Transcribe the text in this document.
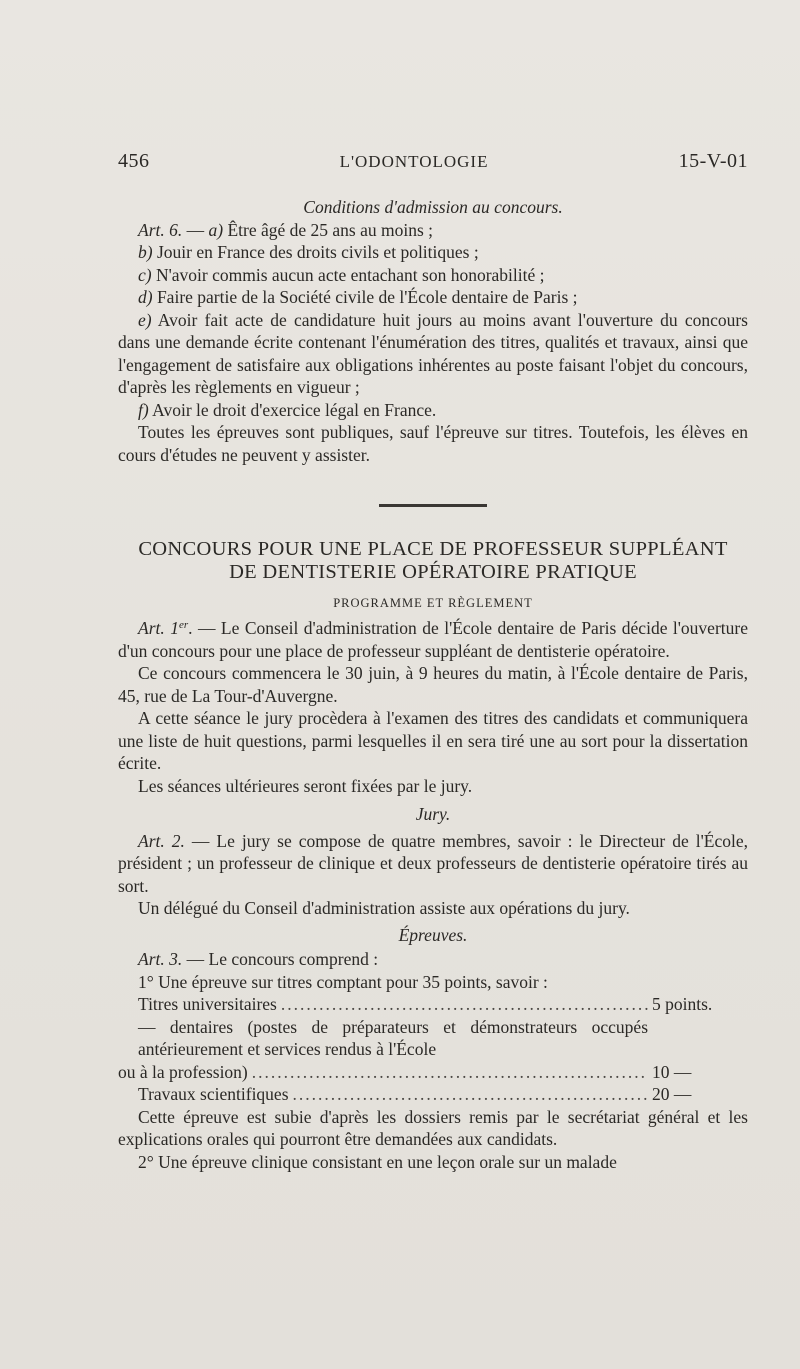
456	L'ODONTOLOGIE	15-V-01
Conditions d'admission au concours.

Art. 6. — a) Être âgé de 25 ans au moins ;

b) Jouir en France des droits civils et politiques ;

c) N'avoir commis aucun acte entachant son honorabilité ;

d) Faire partie de la Société civile de l'École dentaire de Paris ;

e) Avoir fait acte de candidature huit jours au moins avant l'ouverture du concours dans une demande écrite contenant l'énumération des titres, qualités et travaux, ainsi que l'engagement de satisfaire aux obligations inhérentes au poste faisant l'objet du concours, d'après les règlements en vigueur ;

f) Avoir le droit d'exercice légal en France.

Toutes les épreuves sont publiques, sauf l'épreuve sur titres. Toutefois, les élèves en cours d'études ne peuvent y assister.

CONCOURS POUR UNE PLACE DE PROFESSEUR SUPPLÉANT
DE DENTISTERIE OPÉRATOIRE PRATIQUE
PROGRAMME ET RÈGLEMENT

Art. 1er. — Le Conseil d'administration de l'École dentaire de Paris décide l'ouverture d'un concours pour une place de professeur suppléant de dentisterie opératoire.

Ce concours commencera le 30 juin, à 9 heures du matin, à l'École dentaire de Paris, 45, rue de La Tour-d'Auvergne.

A cette séance le jury procèdera à l'examen des titres des candidats et communiquera une liste de huit questions, parmi lesquelles il en sera tiré une au sort pour la dissertation écrite.

Les séances ultérieures seront fixées par le jury.

Jury.

Art. 2. — Le jury se compose de quatre membres, savoir : le Directeur de l'École, président ; un professeur de clinique et deux professeurs de dentisterie opératoire tirés au sort.

Un délégué du Conseil d'administration assiste aux opérations du jury.

Épreuves.

Art. 3. — Le concours comprend :

1° Une épreuve sur titres comptant pour 35 points, savoir :

Titres universitaires .....	5 points.

— dentaires (postes de préparateurs et démonstrateurs occupés antérieurement et services rendus à l'École

ou à la profession) .....	10 —
Travaux scientifiques .....	20 —

Cette épreuve est subie d'après les dossiers remis par le secrétariat général et les explications orales qui pourront être demandées aux candidats.

2° Une épreuve clinique consistant en une leçon orale sur un malade
